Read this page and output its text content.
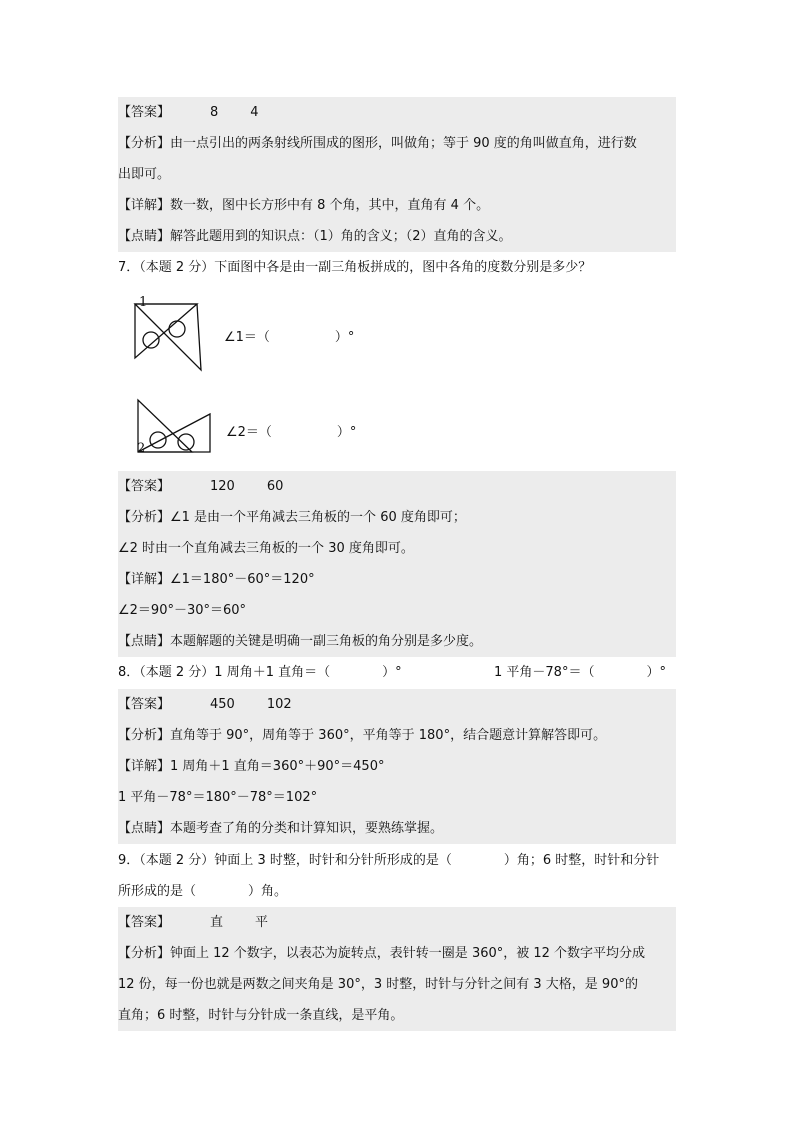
【答案】	8 4
【分析】由一点引出的两条射线所围成的图形，叫做角；等于 90 度的角叫做直角，进行数
出即可。
【详解】数一数，图中长方形中有 8 个角，其中，直角有 4 个。
【点睛】解答此题用到的知识点：（1）角的含义；（2）直角的含义。
7．（本题 2 分）下面图中各是由一副三角板拼成的，图中各角的度数分别是多少？
1
∠1＝（　　　　　）°
2
∠2＝（　　　　　）°
【答案】	120 60
【分析】∠1 是由一个平角减去三角板的一个 60 度角即可；
∠2 时由一个直角减去三角板的一个 30 度角即可。
【详解】∠1＝180°－60°＝120°
∠2＝90°－30°＝60°
【点睛】本题解题的关键是明确一副三角板的角分别是多少度。
8．（本题 2 分）1 周角＋1 直角＝（　　　　）°	1 平角－78°＝（　　　　）°
【答案】	450 102
【分析】直角等于 90°，周角等于 360°，平角等于 180°，结合题意计算解答即可。
【详解】1 周角＋1 直角＝360°＋90°＝450°
1 平角－78°＝180°－78°＝102°
【点睛】本题考查了角的分类和计算知识，要熟练掌握。
9．（本题 2 分）钟面上 3 时整，时针和分针所形成的是（　　　　）角；6 时整，时针和分针
所形成的是（　　　　）角。
【答案】	直 平
【分析】钟面上 12 个数字，以表芯为旋转点，表针转一圈是 360°，被 12 个数字平均分成
12 份，每一份也就是两数之间夹角是 30°，3 时整，时针与分针之间有 3 大格，是 90°的
直角；6 时整，时针与分针成一条直线，是平角。
